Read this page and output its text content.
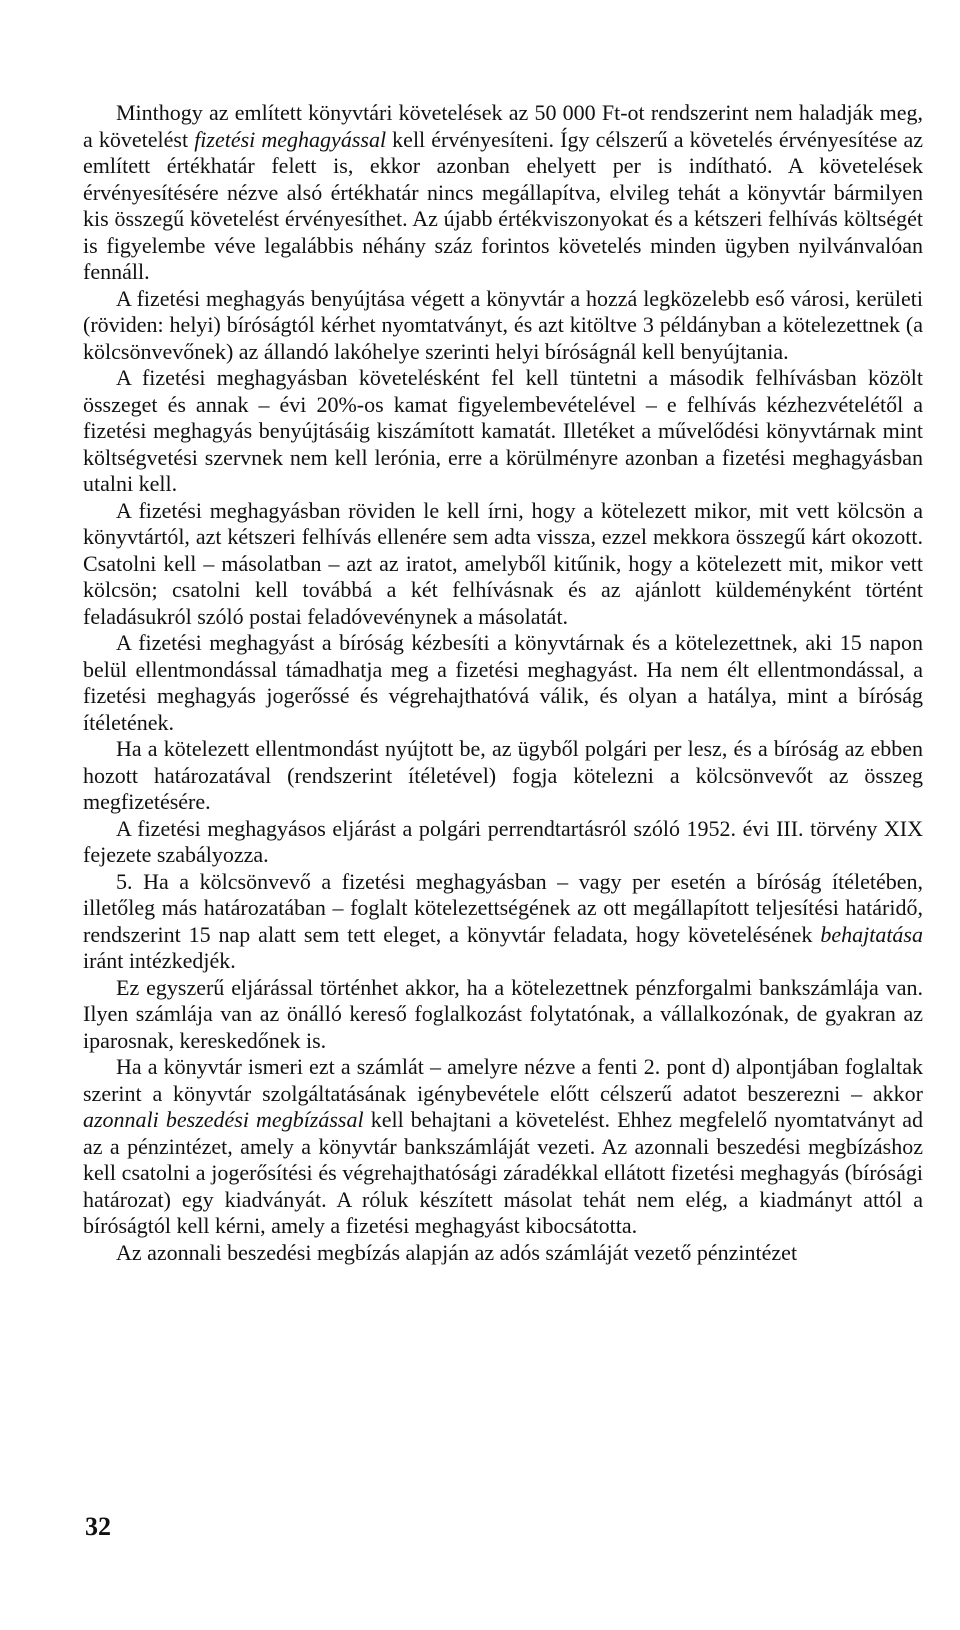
Minthogy az említett könyvtári követelések az 50 000 Ft-ot rendszerint nem haladják meg, a követelést fizetési meghagyással kell érvényesíteni. Így célszerű a követelés érvényesítése az említett értékhatár felett is, ekkor azonban ehelyett per is indítható. A követelések érvényesítésére nézve alsó értékhatár nincs megállapítva, elvileg tehát a könyvtár bármilyen kis összegű követelést érvényesíthet. Az újabb értékviszonyokat és a kétszeri felhívás költségét is figyelembe véve legalábbis néhány száz forintos követelés minden ügyben nyilvánvalóan fennáll.

A fizetési meghagyás benyújtása végett a könyvtár a hozzá legközelebb eső városi, kerületi (röviden: helyi) bíróságtól kérhet nyomtatványt, és azt kitöltve 3 példányban a kötelezettnek (a kölcsönvevőnek) az állandó lakóhelye szerinti helyi bíróságnál kell benyújtania.

A fizetési meghagyásban követelésként fel kell tüntetni a második felhívásban közölt összeget és annak – évi 20%-os kamat figyelembevételével – e felhívás kézhezvételétől a fizetési meghagyás benyújtásáig kiszámított kamatát. Illetéket a művelődési könyvtárnak mint költségvetési szervnek nem kell lerónia, erre a körülményre azonban a fizetési meghagyásban utalni kell.

A fizetési meghagyásban röviden le kell írni, hogy a kötelezett mikor, mit vett kölcsön a könyvtártól, azt kétszeri felhívás ellenére sem adta vissza, ezzel mekkora összegű kárt okozott. Csatolni kell – másolatban – azt az iratot, amelyből kitűnik, hogy a kötelezett mit, mikor vett kölcsön; csatolni kell továbbá a két felhívásnak és az ajánlott küldeményként történt feladásukról szóló postai feladóvevénynek a másolatát.

A fizetési meghagyást a bíróság kézbesíti a könyvtárnak és a kötelezettnek, aki 15 napon belül ellentmondással támadhatja meg a fizetési meghagyást. Ha nem élt ellentmondással, a fizetési meghagyás jogerőssé és végrehajthatóvá válik, és olyan a hatálya, mint a bíróság ítéletének.

Ha a kötelezett ellentmondást nyújtott be, az ügyből polgári per lesz, és a bíróság az ebben hozott határozatával (rendszerint ítéletével) fogja kötelezni a kölcsönvevőt az összeg megfizetésére.

A fizetési meghagyásos eljárást a polgári perrendtartásról szóló 1952. évi III. törvény XIX fejezete szabályozza.

5. Ha a kölcsönvevő a fizetési meghagyásban – vagy per esetén a bíróság ítéletében, illetőleg más határozatában – foglalt kötelezettségének az ott megállapított teljesítési határidő, rendszerint 15 nap alatt sem tett eleget, a könyvtár feladata, hogy követelésének behajtatása iránt intézkedjék.

Ez egyszerű eljárással történhet akkor, ha a kötelezettnek pénzforgalmi bankszámlája van. Ilyen számlája van az önálló kereső foglalkozást folytatónak, a vállalkozónak, de gyakran az iparosnak, kereskedőnek is.

Ha a könyvtár ismeri ezt a számlát – amelyre nézve a fenti 2. pont d) alpontjában foglaltak szerint a könyvtár szolgáltatásának igénybevétele előtt célszerű adatot beszerezni – akkor azonnali beszedési megbízással kell behajtani a követelést. Ehhez megfelelő nyomtatványt ad az a pénzintézet, amely a könyvtár bankszámláját vezeti. Az azonnali beszedési megbízáshoz kell csatolni a jogerősítési és végrehajthatósági záradékkal ellátott fizetési meghagyás (bírósági határozat) egy kiadványát. A róluk készített másolat tehát nem elég, a kiadmányt attól a bíróságtól kell kérni, amely a fizetési meghagyást kibocsátotta.

Az azonnali beszedési megbízás alapján az adós számláját vezető pénzintézet

32
